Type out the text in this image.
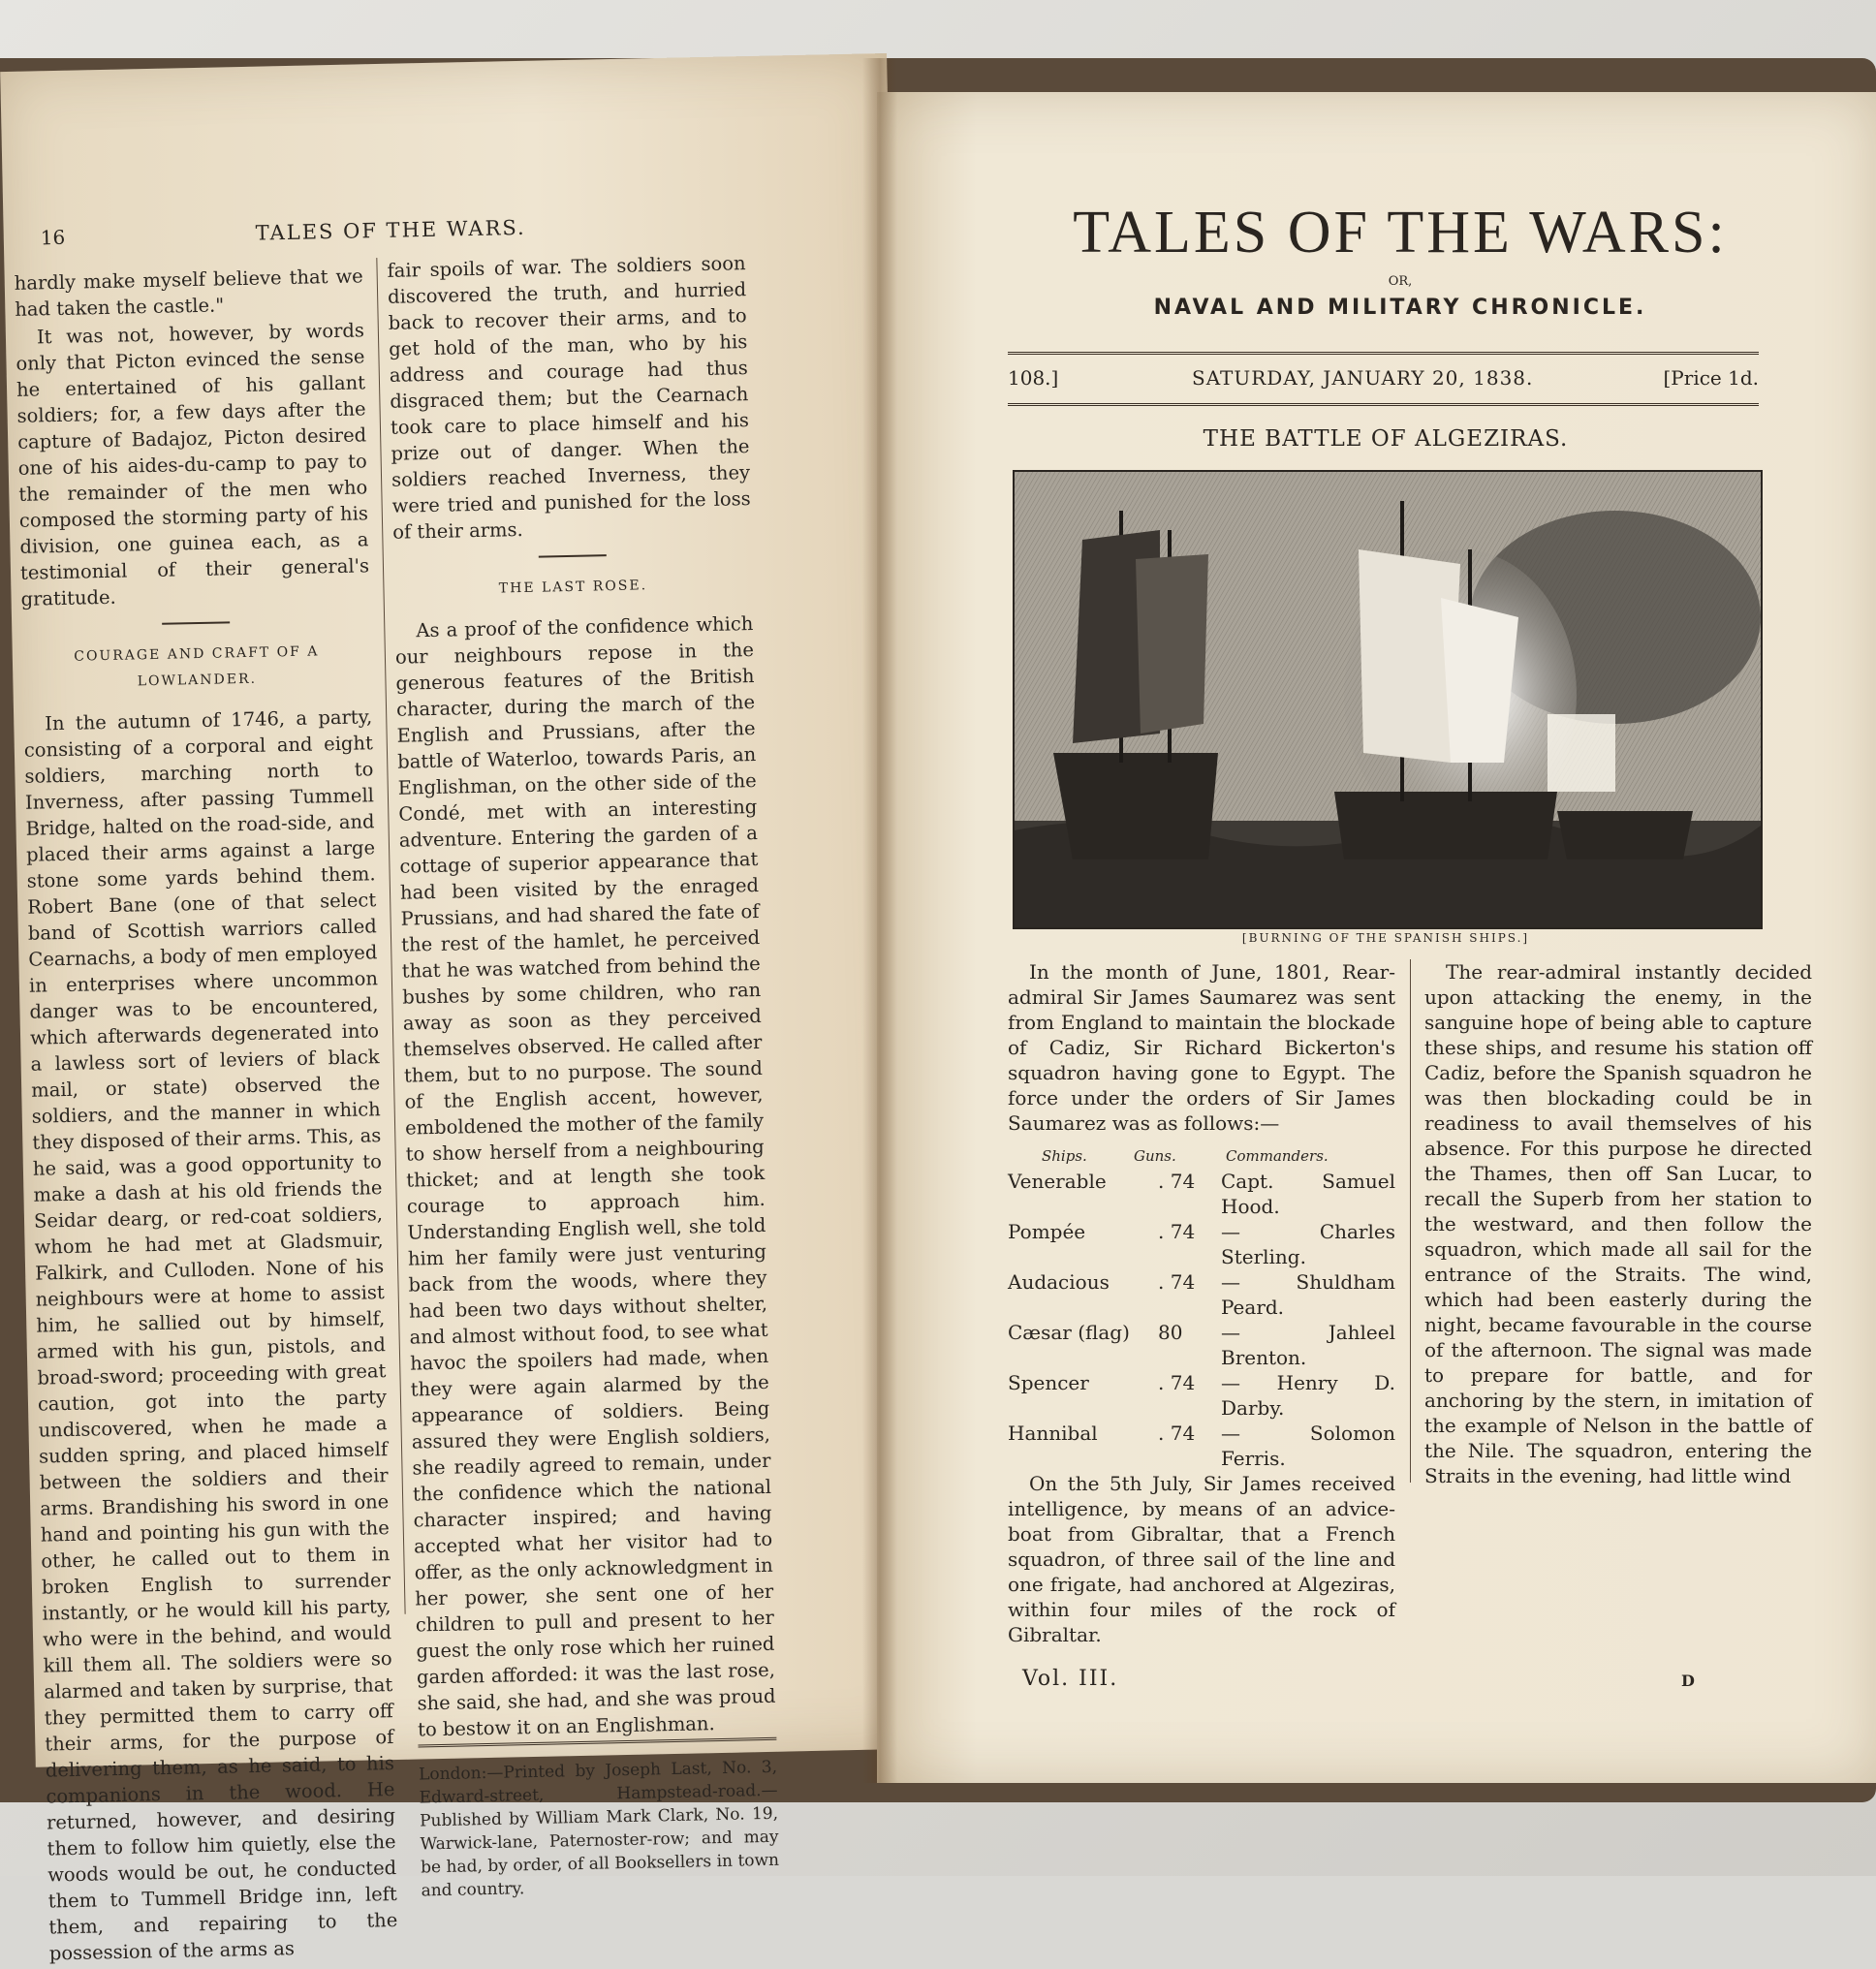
16	TALES OF THE WARS.

hardly make myself believe that we had taken the castle."

It was not, however, by words only that Picton evinced the sense he entertained of his gallant soldiers; for, a few days after the capture of Badajoz, Picton desired one of his aides-du-camp to pay to the remainder of the men who composed the storming party of his division, one guinea each, as a testimonial of their general's gratitude.

COURAGE AND CRAFT OF A LOWLANDER.

In the autumn of 1746, a party, consisting of a corporal and eight soldiers, marching north to Inverness, after passing Tummell Bridge, halted on the road-side, and placed their arms against a large stone some yards behind them. Robert Bane (one of that select band of Scottish warriors called Cearnachs, a body of men employed in enterprises where uncommon danger was to be encountered, which afterwards degenerated into a lawless sort of leviers of black mail, or state) observed the soldiers, and the manner in which they disposed of their arms. This, as he said, was a good opportunity to make a dash at his old friends the Seidar dearg, or red-coat soldiers, whom he had met at Gladsmuir, Falkirk, and Culloden. None of his neighbours were at home to assist him, he sallied out by himself, armed with his gun, pistols, and broad-sword; proceeding with great caution, got into the party undiscovered, when he made a sudden spring, and placed himself between the soldiers and their arms. Brandishing his sword in one hand and pointing his gun with the other, he called out to them in broken English to surrender instantly, or he would kill his party, who were in the behind, and would kill them all. The soldiers were so alarmed and taken by surprise, that they permitted them to carry off their arms, for the purpose of delivering them, as he said, to his companions in the wood. He returned, however, and desiring them to follow him quietly, else the woods would be out, he conducted them to Tummell Bridge inn, left them, and repairing to the possession of the arms as

fair spoils of war. The soldiers soon discovered the truth, and hurried back to recover their arms, and to get hold of the man, who by his address and courage had thus disgraced them; but the Cearnach took care to place himself and his prize out of danger. When the soldiers reached Inverness, they were tried and punished for the loss of their arms.

THE LAST ROSE.

As a proof of the confidence which our neighbours repose in the generous features of the British character, during the march of the English and Prussians, after the battle of Waterloo, towards Paris, an Englishman, on the other side of the Condé, met with an interesting adventure. Entering the garden of a cottage of superior appearance that had been visited by the enraged Prussians, and had shared the fate of the rest of the hamlet, he perceived that he was watched from behind the bushes by some children, who ran away as soon as they perceived themselves observed. He called after them, but to no purpose. The sound of the English accent, however, emboldened the mother of the family to show herself from a neighbouring thicket; and at length she took courage to approach him. Understanding English well, she told him her family were just venturing back from the woods, where they had been two days without shelter, and almost without food, to see what havoc the spoilers had made, when they were again alarmed by the appearance of soldiers. Being assured they were English soldiers, she readily agreed to remain, under the confidence which the national character inspired; and having accepted what her visitor had to offer, as the only acknowledgment in her power, she sent one of her children to pull and present to her guest the only rose which her ruined garden afforded: it was the last rose, she said, she had, and she was proud to bestow it on an Englishman.

London:—Printed by Joseph Last, No. 3, Edward-street, Hampstead-road.—Published by William Mark Clark, No. 19, Warwick-lane, Paternoster-row; and may be had, by order, of all Booksellers in town and country.

TALES OF THE WARS:
OR,
NAVAL AND MILITARY CHRONICLE.
108.]	SATURDAY, JANUARY 20, 1838.	[Price 1d.
THE BATTLE OF ALGEZIRAS.
[BURNING OF THE SPANISH SHIPS.]

In the month of June, 1801, Rear-admiral Sir James Saumarez was sent from England to maintain the blockade of Cadiz, Sir Richard Bickerton's squadron having gone to Egypt. The force under the orders of Sir James Saumarez was as follows:—

Ships.	Guns.	Commanders.
Venerable	. 74	Capt. Samuel Hood.
Pompée	. 74	— Charles Sterling.
Audacious	. 74	— Shuldham Peard.
Cæsar (flag)	80	— Jahleel Brenton.
Spencer	. 74	— Henry D. Darby.
Hannibal	. 74	— Solomon Ferris.

On the 5th July, Sir James received intelligence, by means of an advice-boat from Gibraltar, that a French squadron, of three sail of the line and one frigate, had anchored at Algeziras, within four miles of the rock of Gibraltar.

The rear-admiral instantly decided upon attacking the enemy, in the sanguine hope of being able to capture these ships, and resume his station off Cadiz, before the Spanish squadron he was then blockading could be in readiness to avail themselves of his absence. For this purpose he directed the Thames, then off San Lucar, to recall the Superb from her station to the westward, and then follow the squadron, which made all sail for the entrance of the Straits. The wind, which had been easterly during the night, became favourable in the course of the afternoon. The signal was made to prepare for battle, and for anchoring by the stern, in imitation of the example of Nelson in the battle of the Nile. The squadron, entering the Straits in the evening, had little wind

Vol. III.	D
